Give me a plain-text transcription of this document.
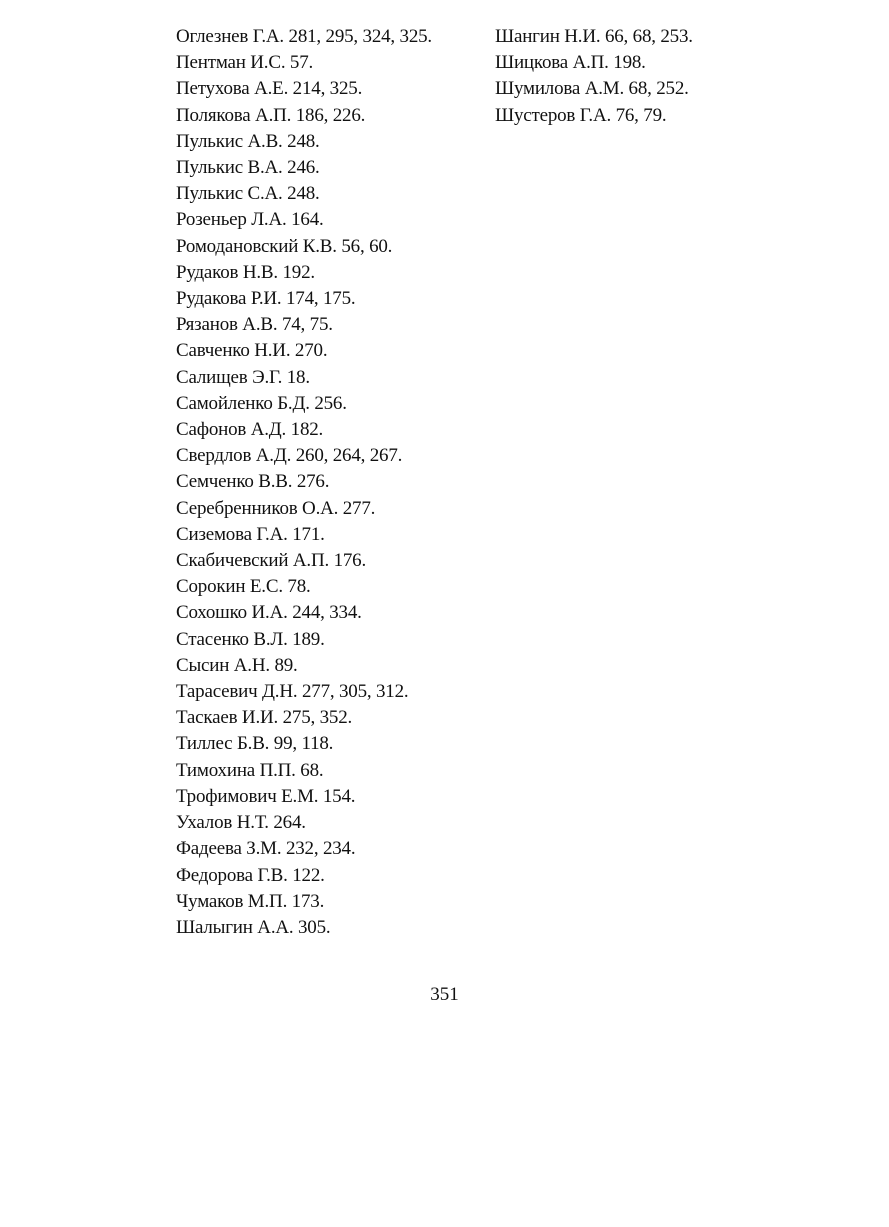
Оглезнев Г.А. 281, 295, 324, 325.
Пентман И.С. 57.
Петухова А.Е. 214, 325.
Полякова А.П. 186, 226.
Пулькис А.В. 248.
Пулькис В.А. 246.
Пулькис С.А. 248.
Розеньер Л.А. 164.
Ромодановский К.В. 56, 60.
Рудаков Н.В. 192.
Рудакова Р.И. 174, 175.
Рязанов А.В. 74, 75.
Савченко Н.И. 270.
Салищев Э.Г. 18.
Самойленко Б.Д. 256.
Сафонов А.Д. 182.
Свердлов А.Д. 260, 264, 267.
Семченко В.В. 276.
Серебренников О.А. 277.
Сиземова Г.А. 171.
Скабичевский А.П. 176.
Сорокин Е.С. 78.
Сохошко И.А. 244, 334.
Стасенко В.Л. 189.
Сысин А.Н. 89.
Тарасевич Д.Н. 277, 305, 312.
Таскаев И.И. 275, 352.
Тиллес Б.В. 99, 118.
Тимохина П.П. 68.
Трофимович Е.М. 154.
Ухалов Н.Т. 264.
Фадеева З.М. 232, 234.
Федорова Г.В. 122.
Чумаков М.П. 173.
Шалыгин А.А. 305.
Шангин Н.И. 66, 68, 253.
Шицкова А.П. 198.
Шумилова А.М. 68, 252.
Шустеров Г.А. 76, 79.
351
